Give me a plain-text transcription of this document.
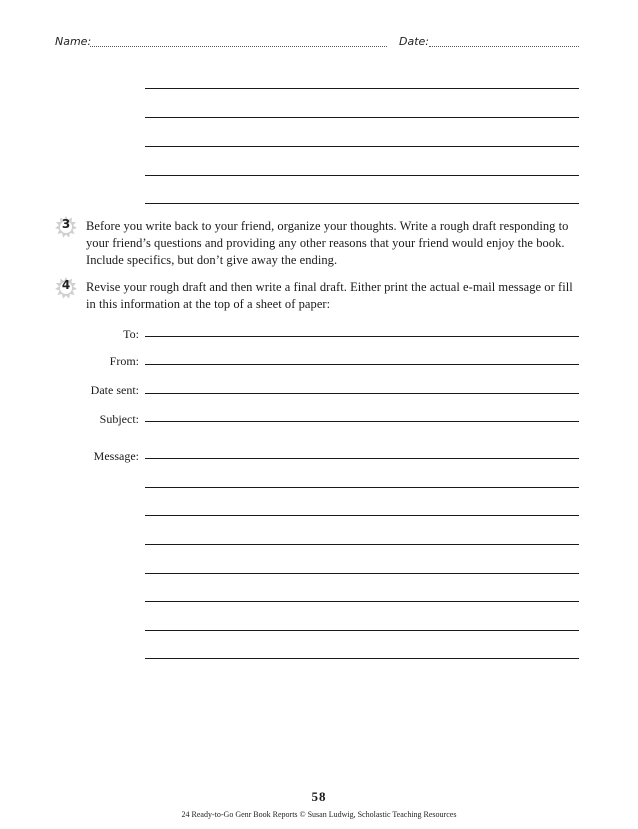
Name:	Date:
3	Before you write back to your friend, organize your thoughts. Write a rough draft responding to your friend’s questions and providing any other reasons that your friend would enjoy the book. Include specifics, but don’t give away the ending.
4	Revise your rough draft and then write a final draft. Either print the actual e-mail message or fill in this information at the top of a sheet of paper:
To:
From:
Date sent:
Subject:
Message:
58
24 Ready-to-Go Genr Book Reports © Susan Ludwig, Scholastic Teaching Resources
